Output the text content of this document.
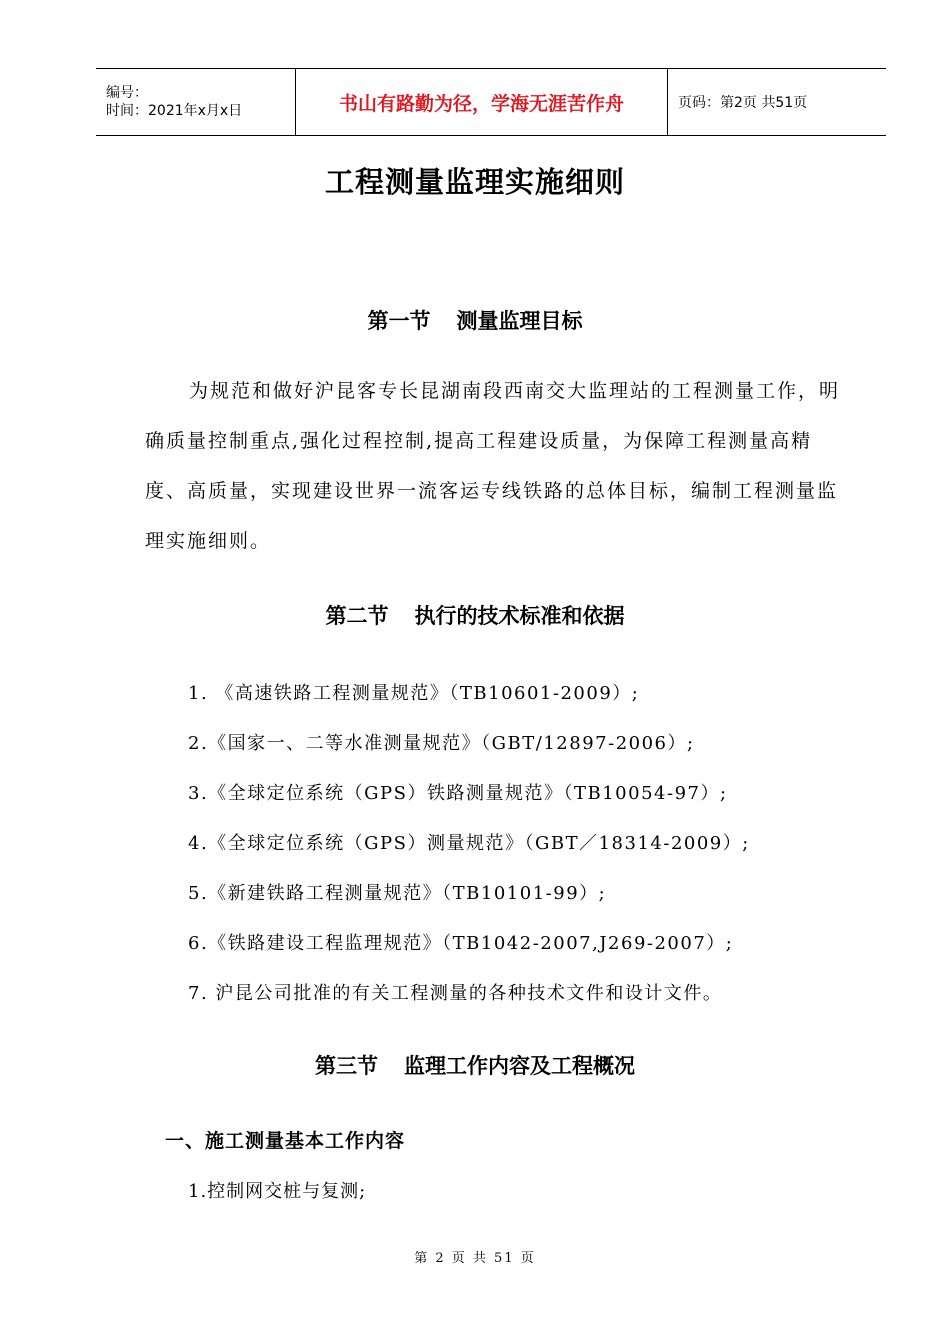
编号：
时间：2021年x月x日	书山有路勤为径，学海无涯苦作舟	页码：第2页 共51页
工程测量监理实施细则
第一节 测量监理目标
为规范和做好沪昆客专长昆湖南段西南交大监理站的工程测量工作，明确质量控制重点,强化过程控制,提高工程建设质量，为保障工程测量高精度、高质量，实现建设世界一流客运专线铁路的总体目标，编制工程测量监理实施细则。
第二节 执行的技术标准和依据
1. 《高速铁路工程测量规范》（TB10601-2009）;
2.《国家一、二等水准测量规范》（GBT/12897-2006）;
3.《全球定位系统（GPS）铁路测量规范》（TB10054-97）;
4.《全球定位系统（GPS）测量规范》（GBT／18314-2009）;
5.《新建铁路工程测量规范》（TB10101-99）;
6.《铁路建设工程监理规范》（TB1042-2007,J269-2007）;
7. 沪昆公司批准的有关工程测量的各种技术文件和设计文件。
第三节 监理工作内容及工程概况
一、施工测量基本工作内容
1.控制网交桩与复测;
第 2 页 共 51 页
